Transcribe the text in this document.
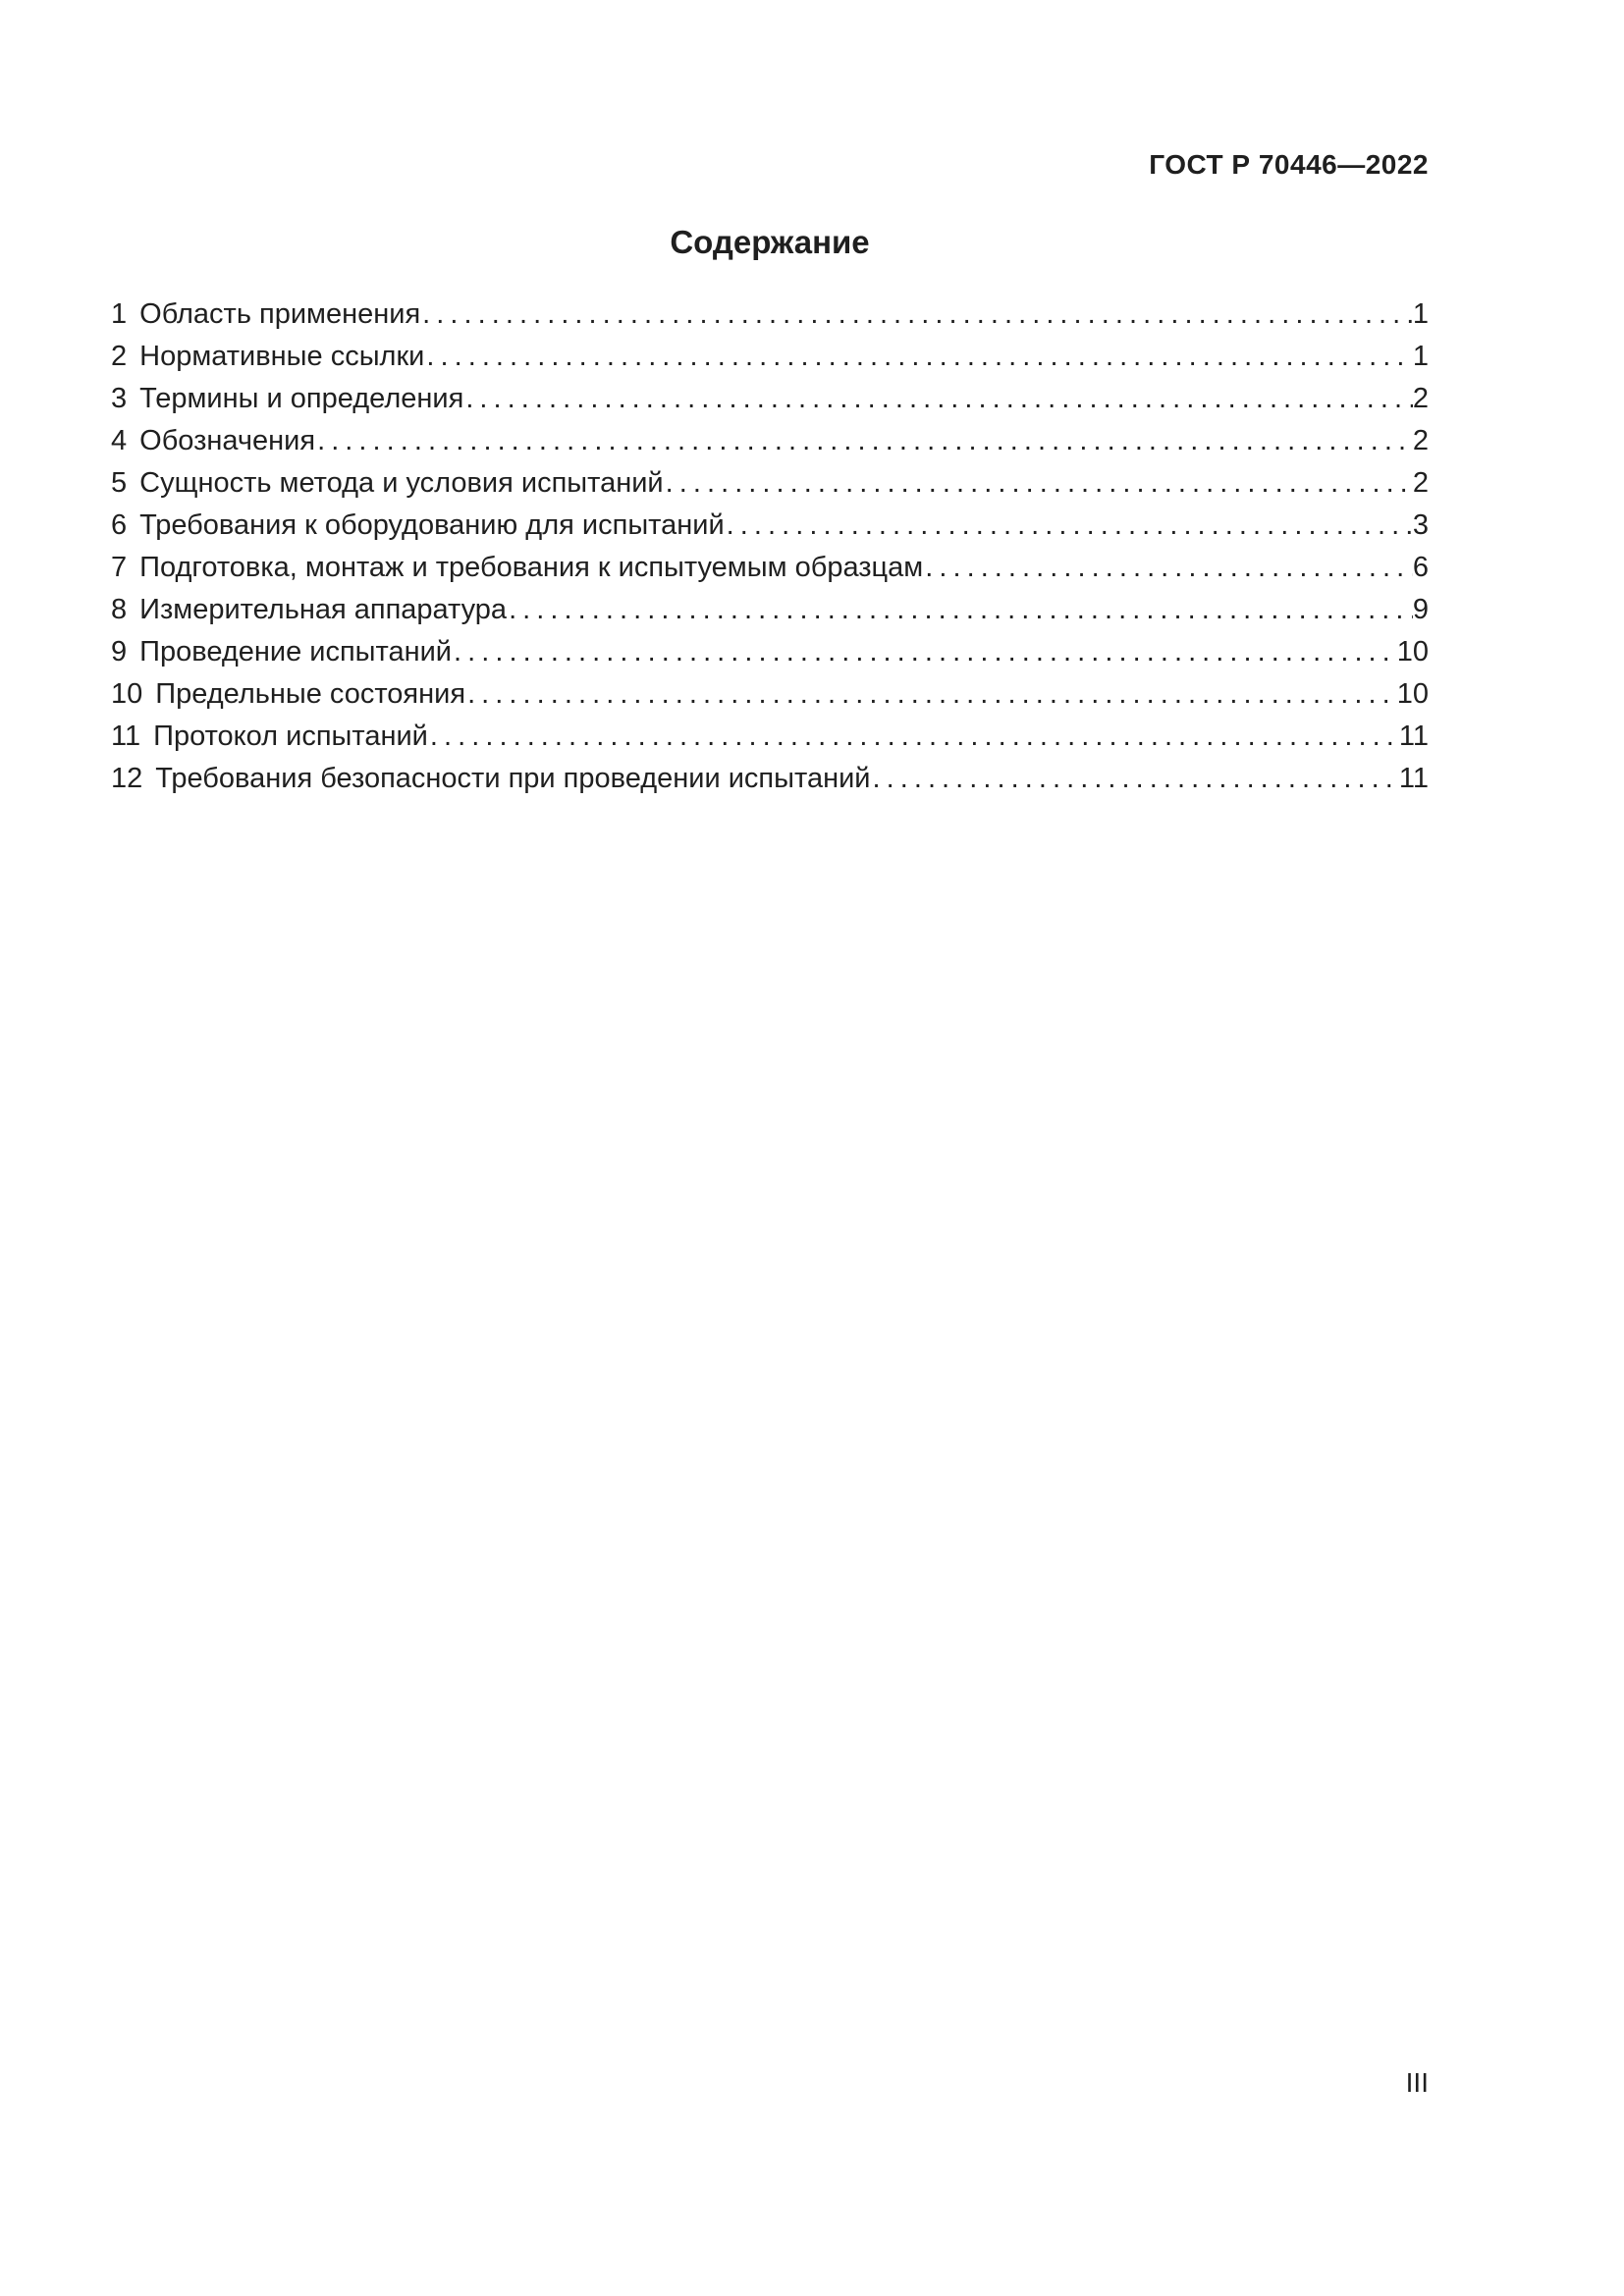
ГОСТ Р 70446—2022
Содержание
1 Область применения . . .	1
2 Нормативные ссылки . . .	1
3 Термины и определения . . .	2
4 Обозначения . . .	2
5 Сущность метода и условия испытаний . . .	2
6 Требования к оборудованию для испытаний . . .	3
7 Подготовка, монтаж и требования к испытуемым образцам . . .	6
8 Измерительная аппаратура . . .	9
9 Проведение испытаний . . .	10
10 Предельные состояния . . .	10
11 Протокол испытаний . . .	11
12 Требования безопасности при проведении испытаний . . .	11
III
